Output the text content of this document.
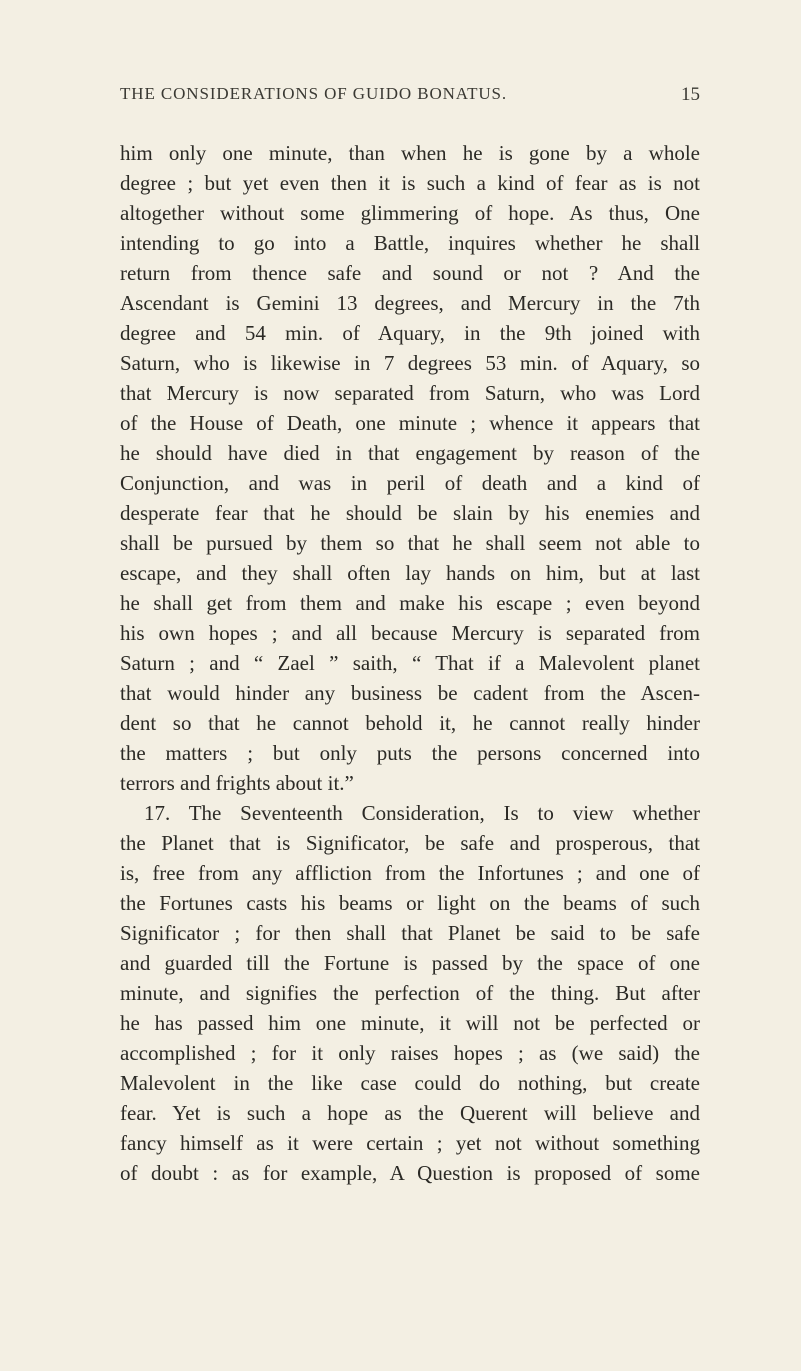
THE CONSIDERATIONS OF GUIDO BONATUS.	15
him only one minute, than when he is gone by a whole
degree ; but yet even then it is such a kind of fear as is not
altogether without some glimmering of hope. As thus, One
intending to go into a Battle, inquires whether he shall
return from thence safe and sound or not ? And the
Ascendant is Gemini 13 degrees, and Mercury in the 7th
degree and 54 min. of Aquary, in the 9th joined with
Saturn, who is likewise in 7 degrees 53 min. of Aquary, so
that Mercury is now separated from Saturn, who was Lord
of the House of Death, one minute ; whence it appears that
he should have died in that engagement by reason of the
Conjunction, and was in peril of death and a kind of
desperate fear that he should be slain by his enemies and
shall be pursued by them so that he shall seem not able to
escape, and they shall often lay hands on him, but at last
he shall get from them and make his escape ; even beyond
his own hopes ; and all because Mercury is separated from
Saturn ; and “ Zael ” saith, “ That if a Malevolent planet
that would hinder any business be cadent from the Ascen-
dent so that he cannot behold it, he cannot really hinder
the matters ; but only puts the persons concerned into
terrors and frights about it.”
17. The Seventeenth Consideration, Is to view whether
the Planet that is Significator, be safe and prosperous, that
is, free from any affliction from the Infortunes ; and one of
the Fortunes casts his beams or light on the beams of such
Significator ; for then shall that Planet be said to be safe
and guarded till the Fortune is passed by the space of one
minute, and signifies the perfection of the thing. But after
he has passed him one minute, it will not be perfected or
accomplished ; for it only raises hopes ; as (we said) the
Malevolent in the like case could do nothing, but create
fear. Yet is such a hope as the Querent will believe and
fancy himself as it were certain ; yet not without something
of doubt : as for example, A Question is proposed of some
